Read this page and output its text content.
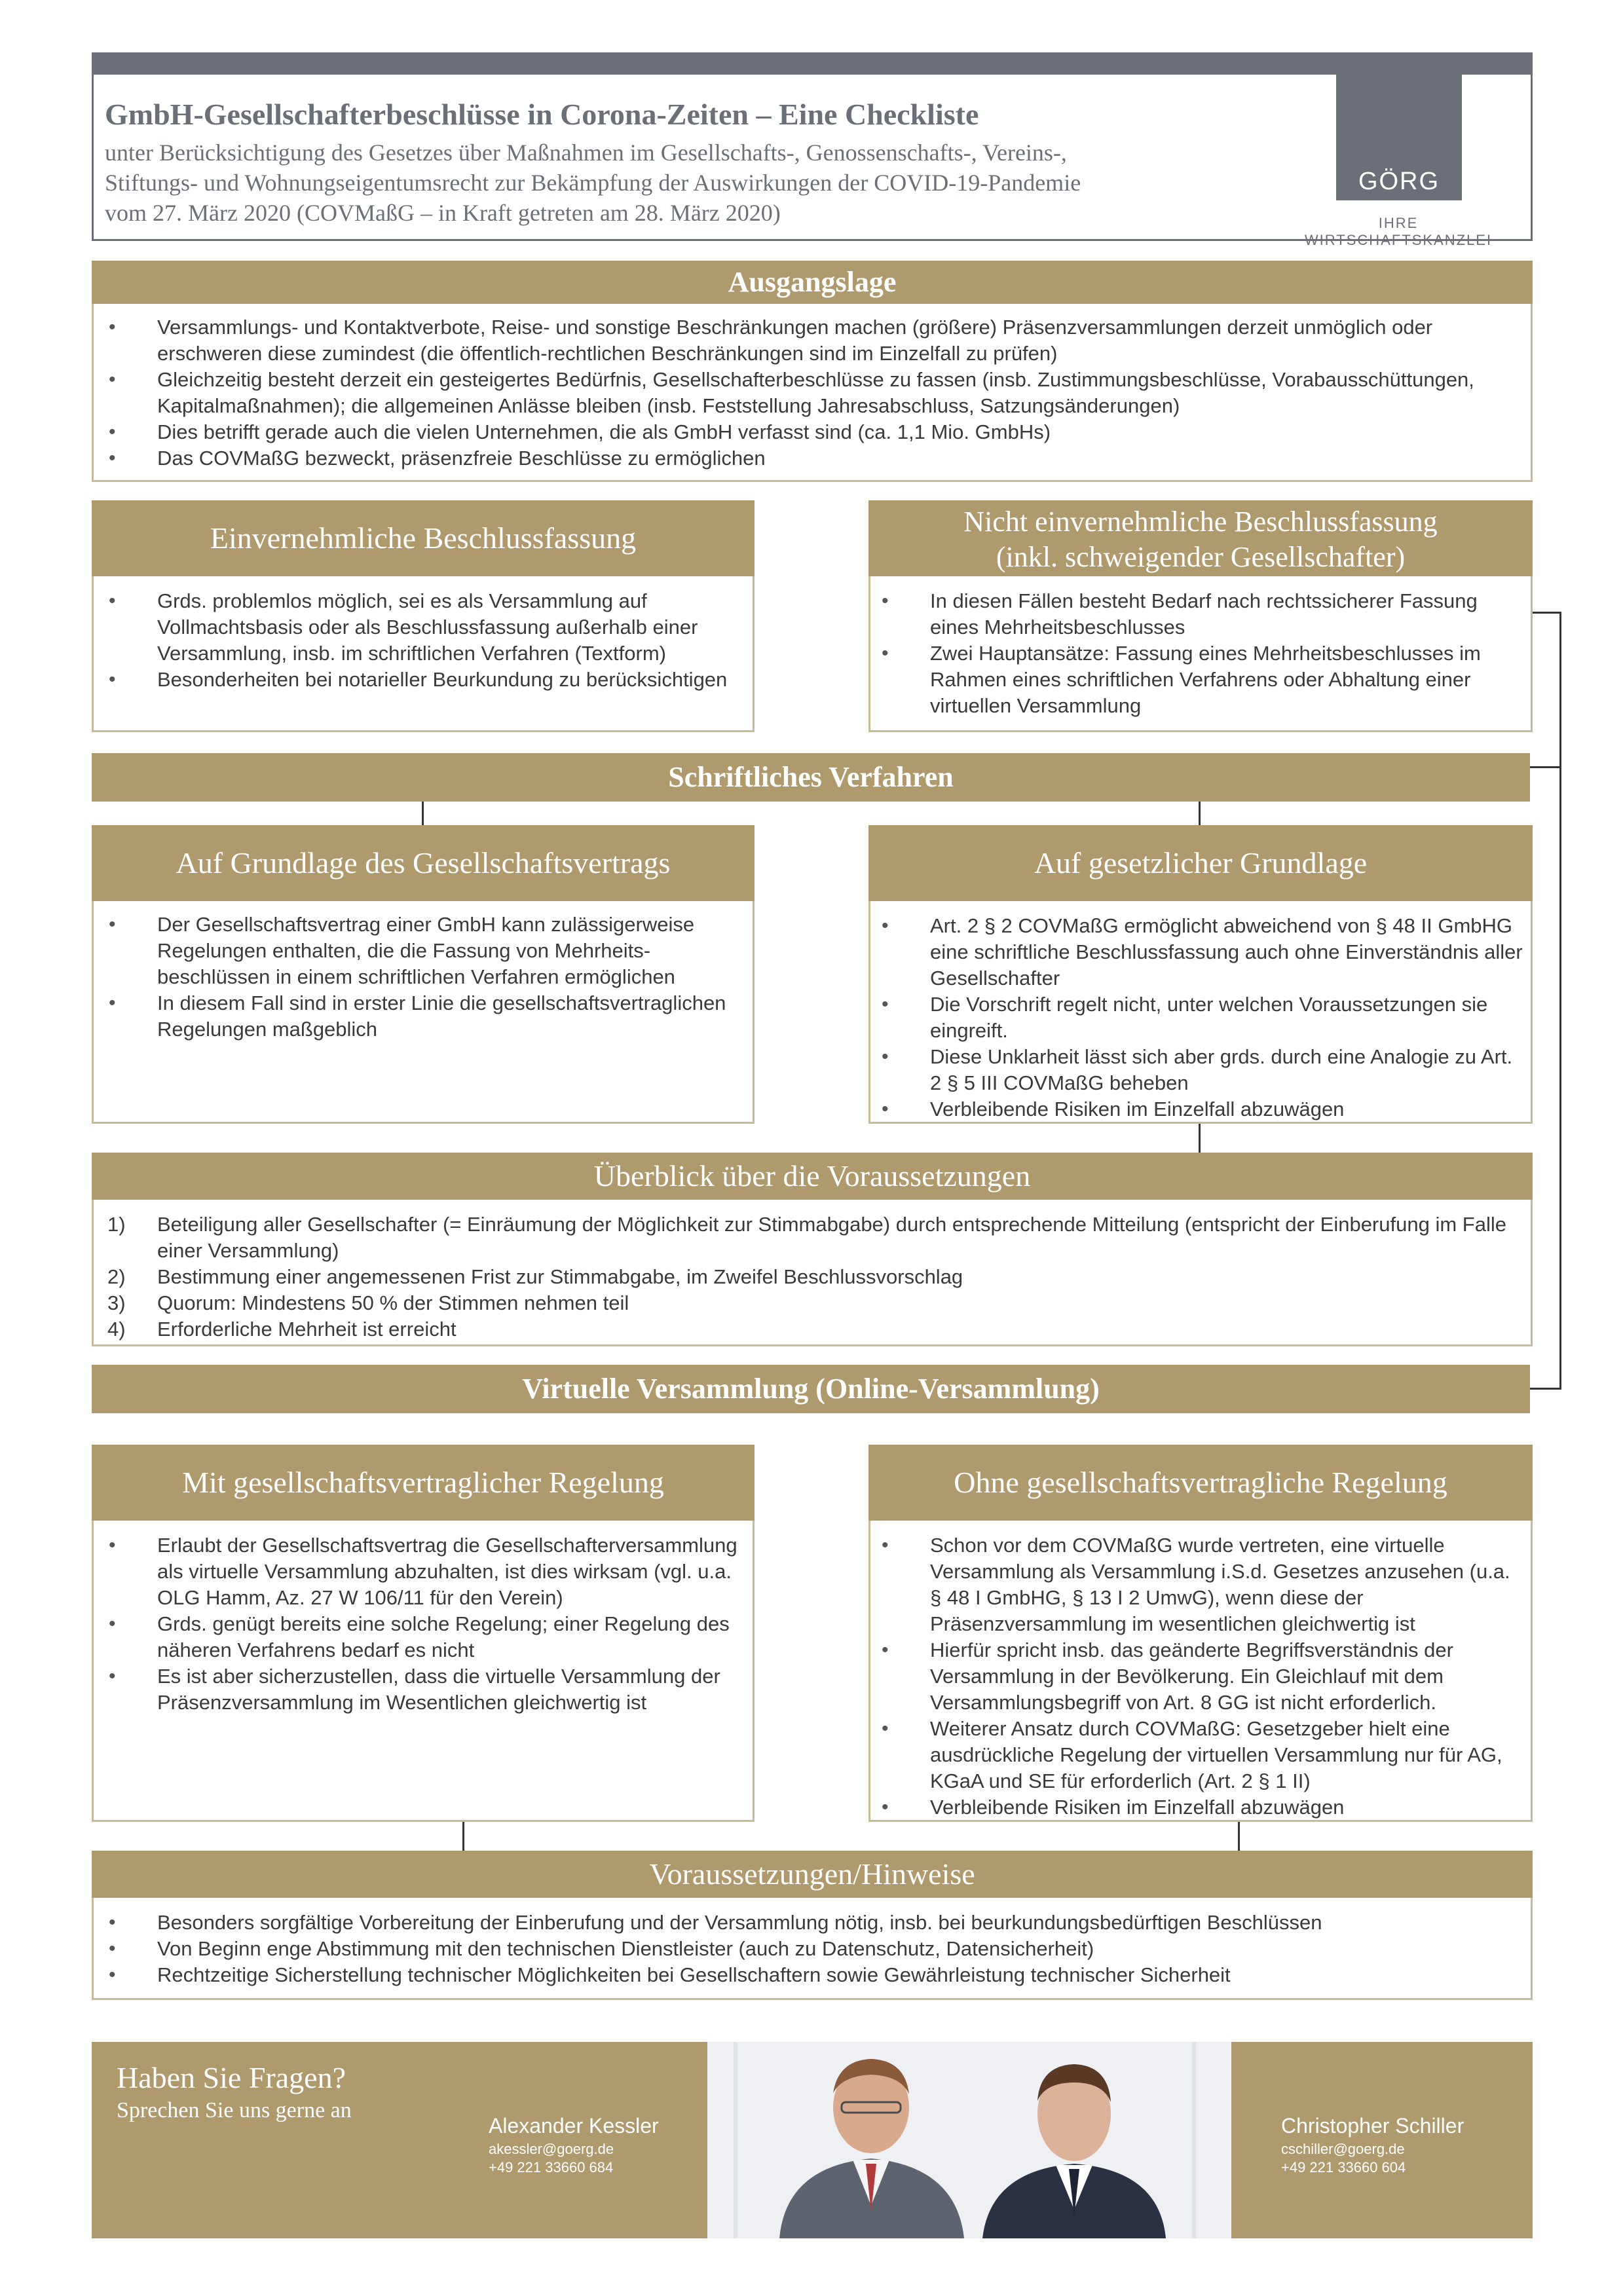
GmbH-Gesellschafterbeschlüsse in Corona-Zeiten – Eine Checkliste
unter Berücksichtigung des Gesetzes über Maßnahmen im Gesellschafts-, Genossenschafts-, Vereins-,
Stiftungs- und Wohnungseigentumsrecht zur Bekämpfung der Auswirkungen der COVID-19-Pandemie
vom 27. März 2020 (COVMaßG – in Kraft getreten am 28. März 2020)
GÖRG
IHRE WIRTSCHAFTSKANZLEI
Ausgangslage
• Versammlungs- und Kontaktverbote, Reise- und sonstige Beschränkungen machen (größere) Präsenzversammlungen derzeit unmöglich oder erschweren diese zumindest (die öffentlich-rechtlichen Beschränkungen sind im Einzelfall zu prüfen)
• Gleichzeitig besteht derzeit ein gesteigertes Bedürfnis, Gesellschafterbeschlüsse zu fassen (insb. Zustimmungsbeschlüsse, Vorabausschüttungen, Kapitalmaßnahmen); die allgemeinen Anlässe bleiben (insb. Feststellung Jahresabschluss, Satzungsänderungen)
• Dies betrifft gerade auch die vielen Unternehmen, die als GmbH verfasst sind (ca. 1,1 Mio. GmbHs)
• Das COVMaßG bezweckt, präsenzfreie Beschlüsse zu ermöglichen
Einvernehmliche Beschlussfassung
• Grds. problemlos möglich, sei es als Versammlung auf Vollmachtsbasis oder als Beschlussfassung außerhalb einer Versammlung, insb. im schriftlichen Verfahren (Textform)
• Besonderheiten bei notarieller Beurkundung zu berücksichtigen
Nicht einvernehmliche Beschlussfassung
(inkl. schweigender Gesellschafter)
• In diesen Fällen besteht Bedarf nach rechtssicherer Fassung eines Mehrheitsbeschlusses
• Zwei Hauptansätze: Fassung eines Mehrheitsbeschlusses im Rahmen eines schriftlichen Verfahrens oder Abhaltung einer virtuellen Versammlung
Schriftliches Verfahren
Auf Grundlage des Gesellschaftsvertrags
• Der Gesellschaftsvertrag einer GmbH kann zulässigerweise Regelungen enthalten, die die Fassung von Mehrheits-beschlüssen in einem schriftlichen Verfahren ermöglichen
• In diesem Fall sind in erster Linie die gesellschaftsvertraglichen Regelungen maßgeblich
Auf gesetzlicher Grundlage
• Art. 2 § 2 COVMaßG ermöglicht abweichend von § 48 II GmbHG eine schriftliche Beschlussfassung auch ohne Einverständnis aller Gesellschafter
• Die Vorschrift regelt nicht, unter welchen Voraussetzungen sie eingreift.
• Diese Unklarheit lässt sich aber grds. durch eine Analogie zu Art. 2 § 5 III COVMaßG beheben
• Verbleibende Risiken im Einzelfall abzuwägen
Überblick über die Voraussetzungen
1) Beteiligung aller Gesellschafter (= Einräumung der Möglichkeit zur Stimmabgabe) durch entsprechende Mitteilung (entspricht der Einberufung im Falle einer Versammlung)
2) Bestimmung einer angemessenen Frist zur Stimmabgabe, im Zweifel Beschlussvorschlag
3) Quorum: Mindestens 50 % der Stimmen nehmen teil
4) Erforderliche Mehrheit ist erreicht
Virtuelle Versammlung (Online-Versammlung)
Mit gesellschaftsvertraglicher Regelung
• Erlaubt der Gesellschaftsvertrag die Gesellschafterversammlung als virtuelle Versammlung abzuhalten, ist dies wirksam (vgl. u.a. OLG Hamm, Az. 27 W 106/11 für den Verein)
• Grds. genügt bereits eine solche Regelung; einer Regelung des näheren Verfahrens bedarf es nicht
• Es ist aber sicherzustellen, dass die virtuelle Versammlung der Präsenzversammlung im Wesentlichen gleichwertig ist
Ohne gesellschaftsvertragliche Regelung
• Schon vor dem COVMaßG wurde vertreten, eine virtuelle Versammlung als Versammlung i.S.d. Gesetzes anzusehen (u.a. § 48 I GmbHG, § 13 I 2 UmwG), wenn diese der Präsenzversammlung im wesentlichen gleichwertig ist
• Hierfür spricht insb. das geänderte Begriffsverständnis der Versammlung in der Bevölkerung. Ein Gleichlauf mit dem Versammlungsbegriff von Art. 8 GG ist nicht erforderlich.
• Weiterer Ansatz durch COVMaßG: Gesetzgeber hielt eine ausdrückliche Regelung der virtuellen Versammlung nur für AG, KGaA und SE für erforderlich (Art. 2 § 1 II)
• Verbleibende Risiken im Einzelfall abzuwägen
Voraussetzungen/Hinweise
• Besonders sorgfältige Vorbereitung der Einberufung und der Versammlung nötig, insb. bei beurkundungsbedürftigen Beschlüssen
• Von Beginn enge Abstimmung mit den technischen Dienstleister (auch zu Datenschutz, Datensicherheit)
• Rechtzeitige Sicherstellung technischer Möglichkeiten bei Gesellschaftern sowie Gewährleistung technischer Sicherheit
Haben Sie Fragen?
Sprechen Sie uns gerne an
Alexander Kessler
akessler@goerg.de
+49 221 33660 684
Christopher Schiller
cschiller@goerg.de
+49 221 33660 604
